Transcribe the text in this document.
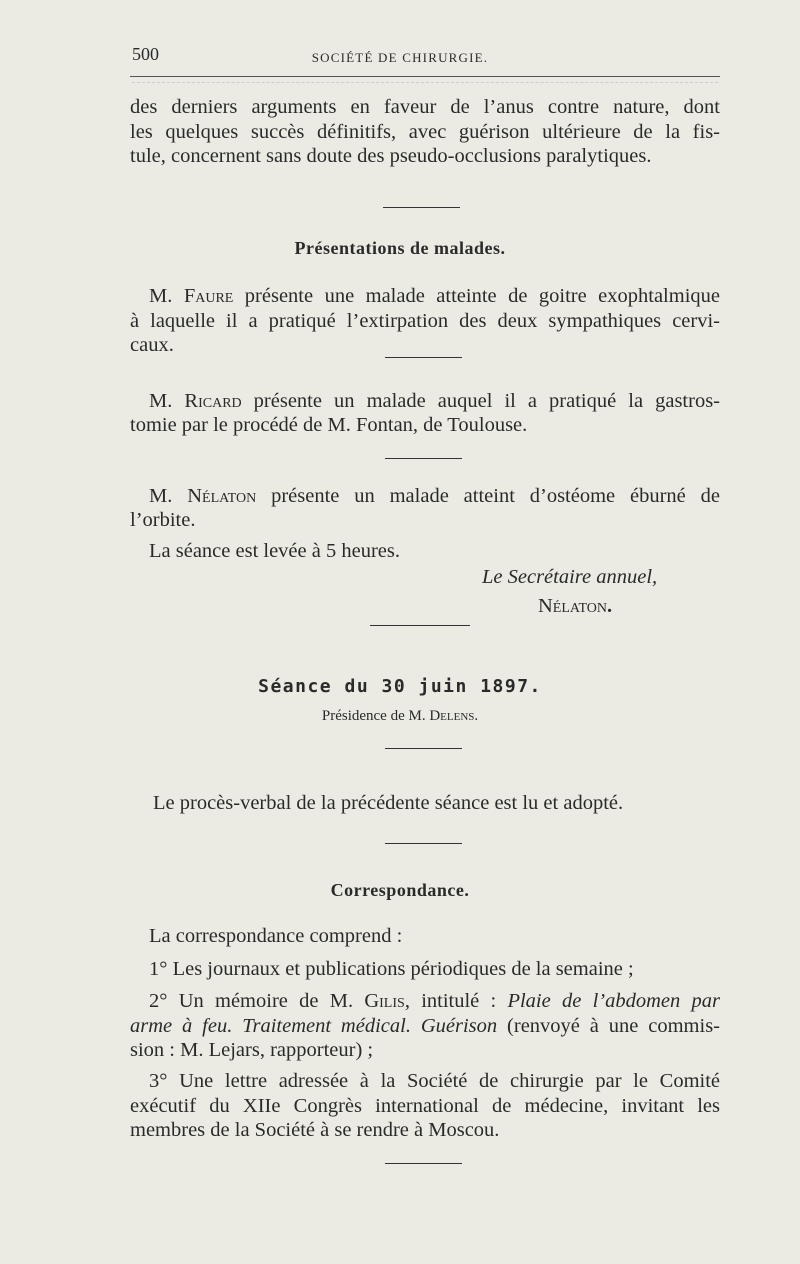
500	SOCIÉTÉ DE CHIRURGIE.
des derniers arguments en faveur de l’anus contre nature, dont
les quelques succès définitifs, avec guérison ultérieure de la fis-
tule, concernent sans doute des pseudo-occlusions paralytiques.
Présentations de malades.
M. Faure présente une malade atteinte de goitre exophtalmique
à laquelle il a pratiqué l’extirpation des deux sympathiques cervi-
caux.
M. Ricard présente un malade auquel il a pratiqué la gastros-
tomie par le procédé de M. Fontan, de Toulouse.
M. Nélaton présente un malade atteint d’ostéome éburné de
l’orbite.
La séance est levée à 5 heures.
Le Secrétaire annuel,
Nélaton.
Séance du 30 juin 1897.
Présidence de M. Delens.
Le procès-verbal de la précédente séance est lu et adopté.
Correspondance.
La correspondance comprend :
1° Les journaux et publications périodiques de la semaine ;
2° Un mémoire de M. Gilis, intitulé : Plaie de l’abdomen par
arme à feu. Traitement médical. Guérison (renvoyé à une commis-
sion : M. Lejars, rapporteur) ;
3° Une lettre adressée à la Société de chirurgie par le Comité
exécutif du XIIe Congrès international de médecine, invitant les
membres de la Société à se rendre à Moscou.
